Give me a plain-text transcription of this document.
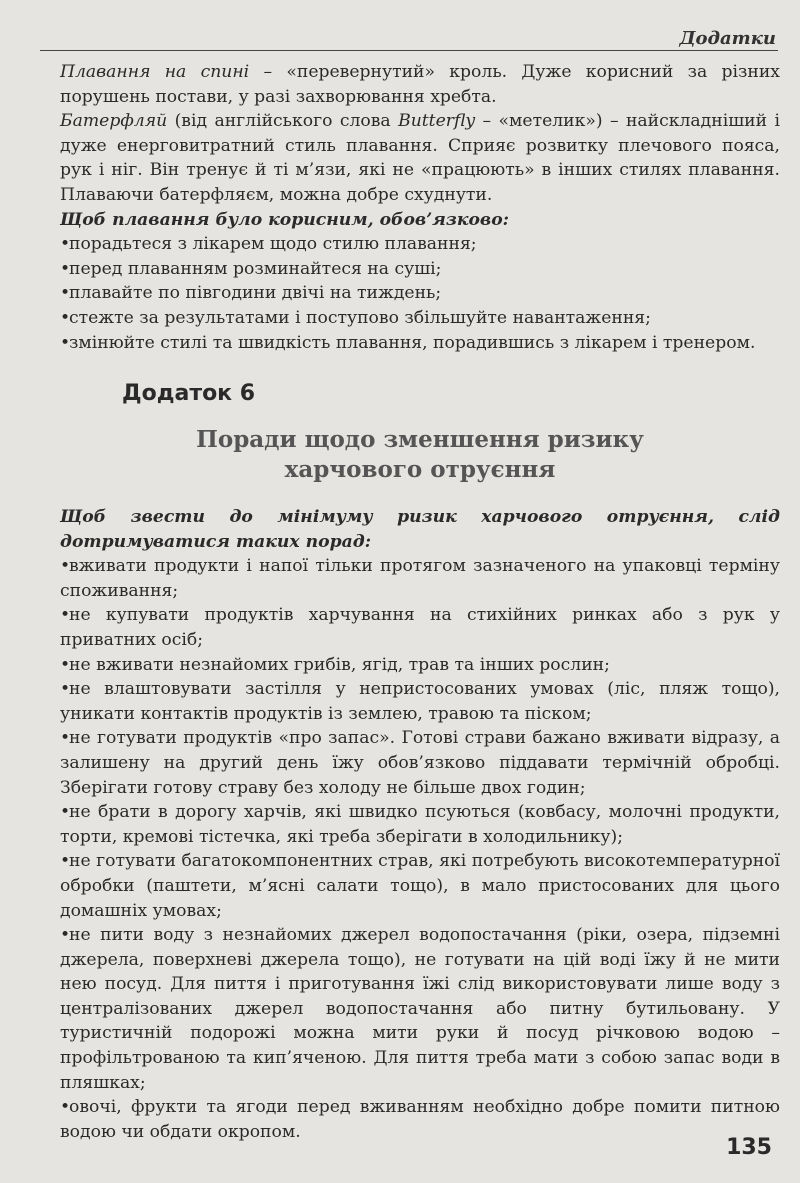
Додатки

Плавання на спині – «перевернутий» кроль. Дуже корисний за різних порушень постави, у разі захворювання хребта.

Батерфляй (від англійського слова Butterfly – «метелик») – найскладніший і дуже енерговитратний стиль плавання. Сприяє розвитку плечового пояса, рук і ніг. Він тренує й ті м’язи, які не «працюють» в інших стилях плавання. Плаваючи батерфляєм, можна добре схуднути.

Щоб плавання було корисним, обов’язково:

•порадьтеся з лікарем щодо стилю плавання;

•перед плаванням розминайтеся на суші;

•плавайте по півгодини двічі на тиждень;

•стежте за результатами і поступово збільшуйте навантаження;

•змінюйте стилі та швидкість плавання, порадившись з лікарем і тренером.

Додаток 6
Поради щодо зменшення ризику
харчового отруєння

Щоб звести до мінімуму ризик харчового отруєння, слід дотримуватися таких порад:

•вживати продукти і напої тільки протягом зазначеного на упаковці терміну споживання;

•не купувати продуктів харчування на стихійних ринках або з рук у приватних осіб;

•не вживати незнайомих грибів, ягід, трав та інших рослин;

•не влаштовувати застілля у непристосованих умовах (ліс, пляж тощо), уникати контактів продуктів із землею, травою та піском;

•не готувати продуктів «про запас». Готові страви бажано вживати відразу, а залишену на другий день їжу обов’язково піддавати термічній обробці. Зберігати готову страву без холоду не більше двох годин;

•не брати в дорогу харчів, які швидко псуються (ковбасу, молочні продукти, торти, кремові тістечка, які треба зберігати в холодильнику);

•не готувати багатокомпонентних страв, які потребують високотемпературної обробки (паштети, м’ясні салати тощо), в мало пристосованих для цього домашніх умовах;

•не пити воду з незнайомих джерел водопостачання (ріки, озера, підземні джерела, поверхневі джерела тощо), не готувати на цій воді їжу й не мити нею посуд. Для пиття і приготування їжі слід використовувати лише воду з централізованих джерел водопостачання або питну бутильовану. У туристичній подорожі можна мити руки й посуд річковою водою – профільтрованою та кип’яченою. Для пиття треба мати з собою запас води в пляшках;

•овочі, фрукти та ягоди перед вживанням необхідно добре помити питною водою чи обдати окропом.

135
